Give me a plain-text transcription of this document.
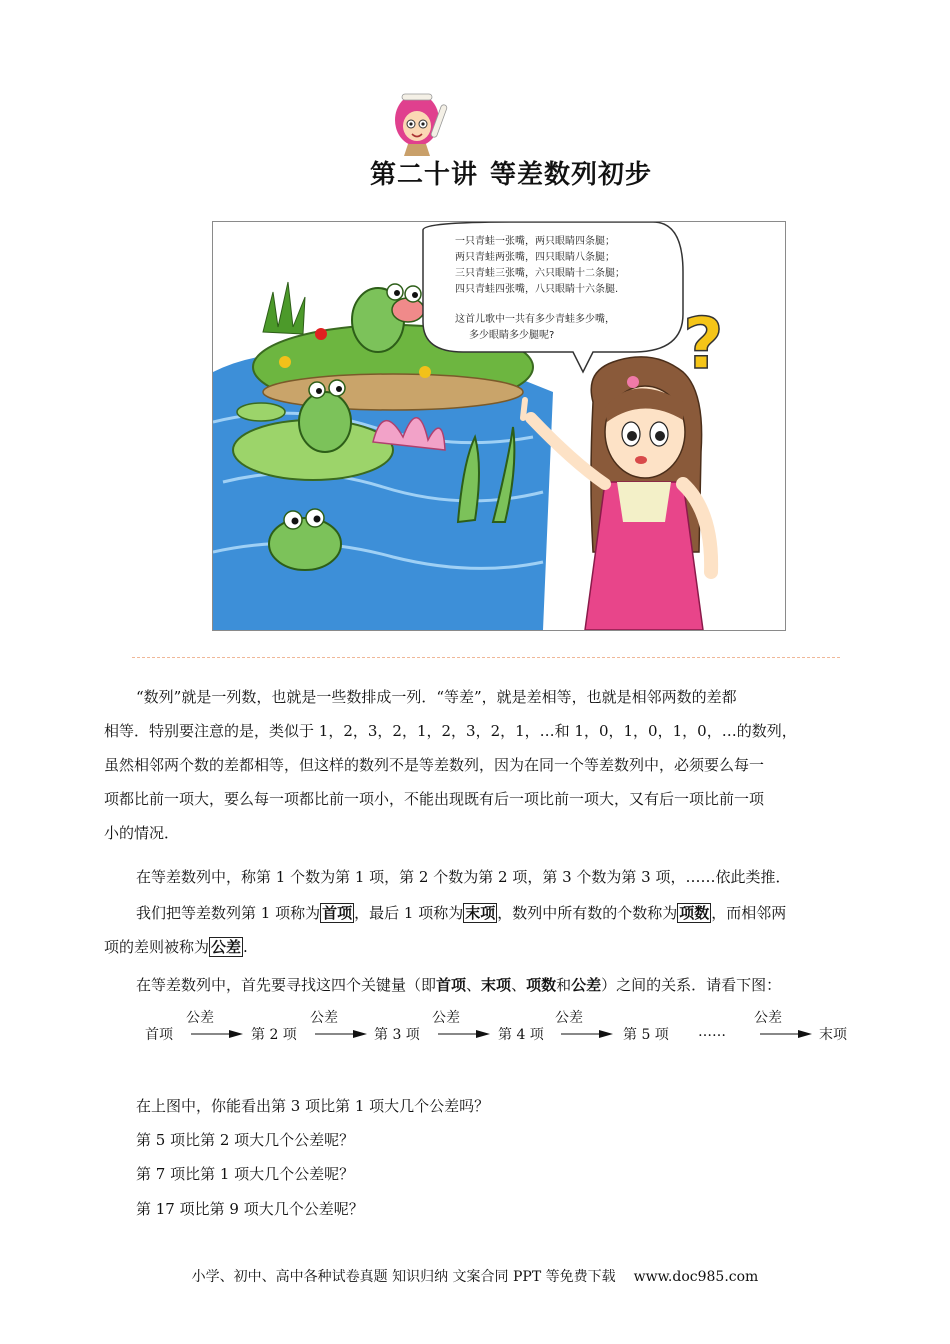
第二十讲 等差数列初步
一只青蛙一张嘴，两只眼睛四条腿；
两只青蛙两张嘴，四只眼睛八条腿；
三只青蛙三张嘴，六只眼睛十二条腿；
四只青蛙四张嘴，八只眼睛十六条腿.
这首儿歌中一共有多少青蛙多少嘴，
多少眼睛多少腿呢? ?
“数列”就是一列数，也就是一些数排成一列．“等差”，就是差相等，也就是相邻两数的差都
相等．特别要注意的是，类似于 1，2，3，2，1，2，3，2，1，…和 1，0，1，0，1，0，…的数列，
虽然相邻两个数的差都相等，但这样的数列不是等差数列，因为在同一个等差数列中，必须要么每一
项都比前一项大，要么每一项都比前一项小，不能出现既有后一项比前一项大，又有后一项比前一项
小的情况．
在等差数列中，称第 1 个数为第 1 项，第 2 个数为第 2 项，第 3 个数为第 3 项，……依此类推．
我们把等差数列第 1 项称为 首项 ，最后 1 项称为 末项 ，数列中所有数的个数称为 项数 ，而相邻两
项的差则被称为 公差 .
在等差数列中，首先要寻找这四个关键量（即首项、末项、项数和公差）之间的关系．请看下图：
首项	第 2 项	第 3 项	第 4 项	第 5 项 ……	末项
公差	公差	公差	公差	公差
在上图中，你能看出第 3 项比第 1 项大几个公差吗？
第 5 项比第 2 项大几个公差呢？
第 7 项比第 1 项大几个公差呢？
第 17 项比第 9 项大几个公差呢？
小学、初中、高中各种试卷真题 知识归纳 文案合同 PPT 等免费下载 www.doc985.com
